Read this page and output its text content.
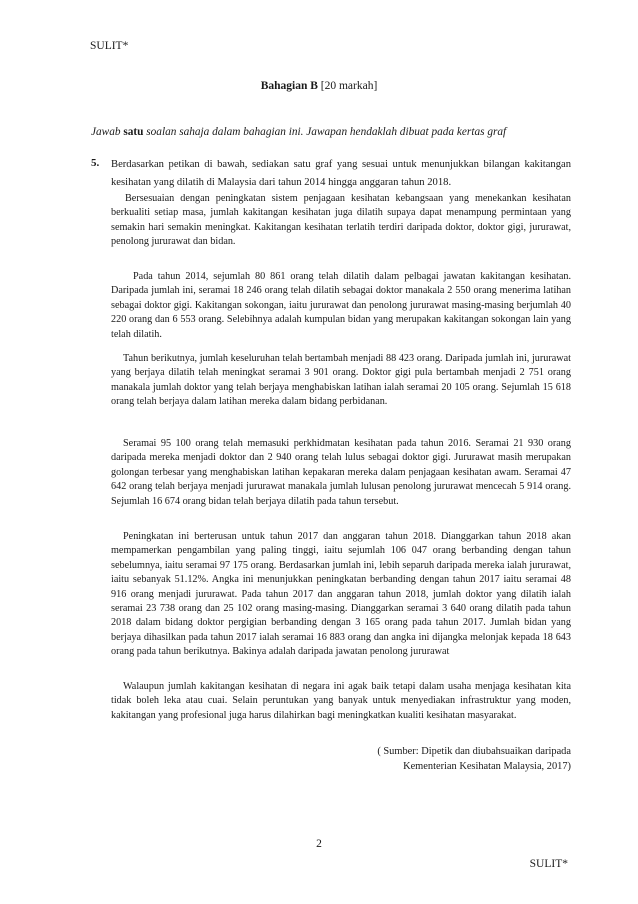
SULIT*
Bahagian B [20 markah]
Jawab satu soalan sahaja dalam bahagian ini. Jawapan hendaklah dibuat pada kertas graf
5. Berdasarkan petikan di bawah, sediakan satu graf yang sesuai untuk menunjukkan bilangan kakitangan kesihatan yang dilatih di Malaysia dari tahun 2014 hingga anggaran tahun 2018.
Bersesuaian dengan peningkatan sistem penjagaan kesihatan kebangsaan yang menekankan kesihatan berkualiti setiap masa, jumlah kakitangan kesihatan juga dilatih supaya dapat menampung permintaan yang semakin hari semakin meningkat. Kakitangan kesihatan terlatih terdiri daripada doktor, doktor gigi, jururawat, penolong jururawat dan bidan.
Pada tahun 2014, sejumlah 80 861 orang telah dilatih dalam pelbagai jawatan kakitangan kesihatan. Daripada jumlah ini, seramai 18 246 orang telah dilatih sebagai doktor manakala 2 550 orang menerima latihan sebagai doktor gigi. Kakitangan sokongan, iaitu jururawat dan penolong jururawat masing-masing berjumlah 40 220 orang dan 6 553 orang. Selebihnya adalah kumpulan bidan yang merupakan kakitangan sokongan lain yang telah dilatih.
Tahun berikutnya, jumlah keseluruhan telah bertambah menjadi 88 423 orang. Daripada jumlah ini, jururawat yang berjaya dilatih telah meningkat seramai 3 901 orang. Doktor gigi pula bertambah menjadi 2 751 orang manakala jumlah doktor yang telah berjaya menghabiskan latihan ialah seramai 20 105 orang. Sejumlah 15 618 orang telah berjaya dalam latihan mereka dalam bidang perbidanan.
Seramai 95 100 orang telah memasuki perkhidmatan kesihatan pada tahun 2016. Seramai 21 930 orang daripada mereka menjadi doktor dan 2 940 orang telah lulus sebagai doktor gigi. Jururawat masih merupakan golongan terbesar yang menghabiskan latihan kepakaran mereka dalam penjagaan kesihatan awam. Seramai 47 642 orang telah berjaya menjadi jururawat manakala jumlah lulusan penolong jururawat mencecah 5 914 orang. Sejumlah 16 674 orang bidan telah berjaya dilatih pada tahun tersebut.
Peningkatan ini berterusan untuk tahun 2017 dan anggaran tahun 2018. Dianggarkan tahun 2018 akan mempamerkan pengambilan yang paling tinggi, iaitu sejumlah 106 047 orang berbanding dengan tahun sebelumnya, iaitu seramai 97 175 orang. Berdasarkan jumlah ini, lebih separuh daripada mereka ialah jururawat, iaitu sebanyak 51.12%. Angka ini menunjukkan peningkatan berbanding dengan tahun 2017 iaitu seramai 48 916 orang menjadi jururawat. Pada tahun 2017 dan anggaran tahun 2018, jumlah doktor yang dilatih ialah seramai 23 738 orang dan 25 102 orang masing-masing. Dianggarkan seramai 3 640 orang dilatih pada tahun 2018 dalam bidang doktor pergigian berbanding dengan 3 165 orang pada tahun 2017. Jumlah bidan yang berjaya dihasilkan pada tahun 2017 ialah seramai 16 883 orang dan angka ini dijangka melonjak kepada 18 643 orang pada tahun berikutnya. Bakinya adalah daripada jawatan penolong jururawat
Walaupun jumlah kakitangan kesihatan di negara ini agak baik tetapi dalam usaha menjaga kesihatan kita tidak boleh leka atau cuai. Selain peruntukan yang banyak untuk menyediakan infrastruktur yang moden, kakitangan yang profesional juga harus dilahirkan bagi meningkatkan kualiti kesihatan masyarakat.
( Sumber: Dipetik dan diubahsuaikan daripada
Kementerian Kesihatan Malaysia, 2017)
2
SULIT*
